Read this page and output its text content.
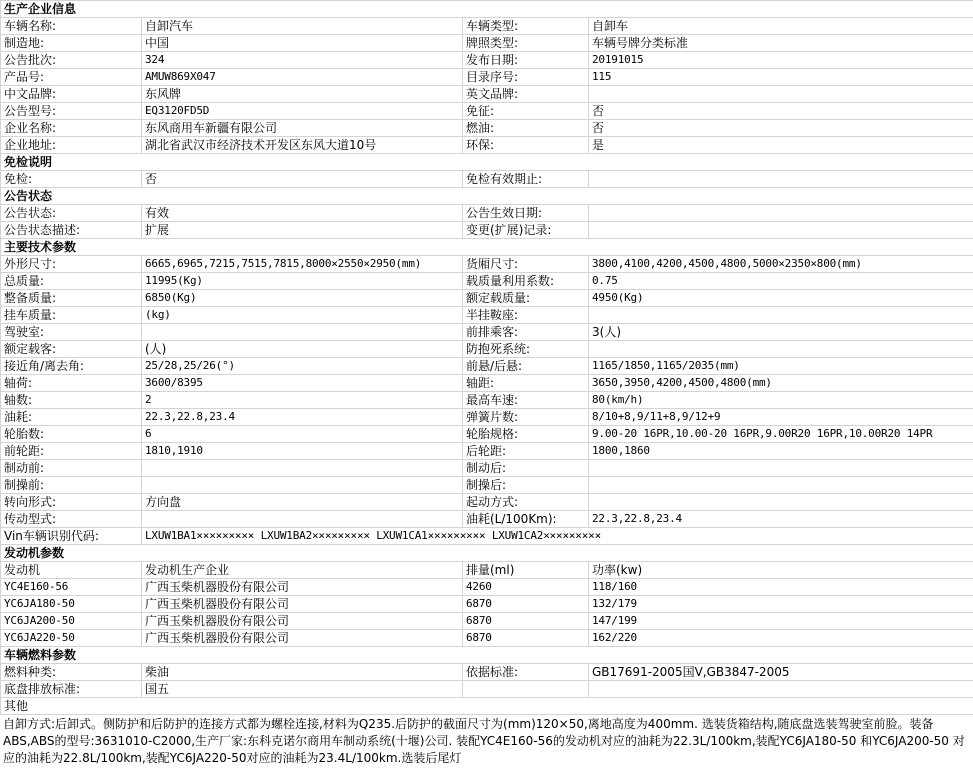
生产企业信息			
车辆名称:	自卸汽车	车辆类型:	自卸车
制造地:	中国	牌照类型:	车辆号牌分类标准
公告批次:	324	发布日期:	20191015
产品号:	AMUW869X047	目录序号:	115
中文品牌:	东风牌	英文品牌:	
公告型号:	EQ3120FD5D	免征:	否
企业名称:	东风商用车新疆有限公司	燃油:	否
企业地址:	湖北省武汉市经济技术开发区东风大道10号	环保:	是
免检说明			
免检:	否	免检有效期止:	
公告状态			
公告状态:	有效	公告生效日期:	
公告状态描述:	扩展	变更(扩展)记录:	
主要技术参数			
外形尺寸:	6665,6965,7215,7515,7815,8000×2550×2950(mm)	货厢尺寸:	3800,4100,4200,4500,4800,5000×2350×800(mm)
总质量:	11995(Kg)	载质量利用系数:	0.75
整备质量:	6850(Kg)	额定载质量:	4950(Kg)
挂车质量:	(kg)	半挂鞍座:	
驾驶室:		前排乘客:	3(人)
额定载客:	(人)	防抱死系统:	
接近角/离去角:	25/28,25/26(°)	前悬/后悬:	1165/1850,1165/2035(mm)
轴荷:	3600/8395	轴距:	3650,3950,4200,4500,4800(mm)
轴数:	2	最高车速:	80(km/h)
油耗:	22.3,22.8,23.4	弹簧片数:	8/10+8,9/11+8,9/12+9
轮胎数:	6	轮胎规格:	9.00-20 16PR,10.00-20 16PR,9.00R20 16PR,10.00R20 14PR
前轮距:	1810,1910	后轮距:	1800,1860
制动前:		制动后:	
制操前:		制操后:	
转向形式:	方向盘	起动方式:	
传动型式:		油耗(L/100Km):	22.3,22.8,23.4
Vin车辆识别代码:	LXUW1BA1××××××××× LXUW1BA2××××××××× LXUW1CA1××××××××× LXUW1CA2×××××××××		
发动机参数			
发动机	发动机生产企业	排量(ml)	功率(kw)
YC4E160-56	广西玉柴机器股份有限公司	4260	118/160
YC6JA180-50	广西玉柴机器股份有限公司	6870	132/179
YC6JA200-50	广西玉柴机器股份有限公司	6870	147/199
YC6JA220-50	广西玉柴机器股份有限公司	6870	162/220
车辆燃料参数			
燃料种类:	柴油	依据标准:	GB17691-2005国Ⅴ,GB3847-2005
底盘排放标准:	国五		
其他			
自卸方式:后卸式。侧防护和后防护的连接方式都为螺栓连接,材料为Q235.后防护的截面尺寸为(mm)120×50,离地高度为400mm. 选装货箱结构,随底盘选装驾驶室前脸。装备ABS,ABS的型号:3631010-C2000,生产厂家:东科克诺尔商用车制动系统(十堰)公司. 装配YC4E160-56的发动机对应的油耗为22.3L/100km,装配YC6JA180-50 和YC6JA200-50 对应的油耗为22.8L/100km,装配YC6JA220-50对应的油耗为23.4L/100km.选装后尾灯
